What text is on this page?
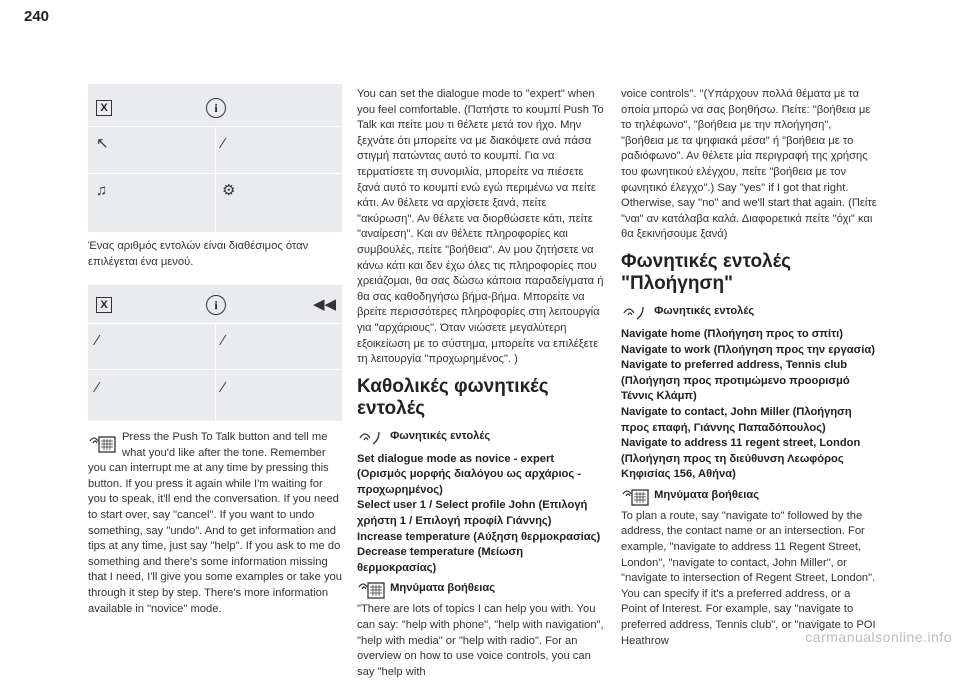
240
X	i
↖	⁄
♫	⚙
Ένας αριθμός εντολών είναι διαθέσιμος όταν επιλέγεται ένα μενού.
X	i	◀◀
⁄	⁄
⁄	⁄
Press the Push To Talk button and tell me what you'd like after the tone. Remember you can interrupt me at any time by pressing this button. If you press it again while I'm waiting for you to speak, it'll end the conversation. If you need to start over, say "cancel". If you want to undo something, say "undo". And to get information and tips at any time, just say "help". If you ask to me do something and there's some information missing that I need, I'll give you some examples or take you through it step by step. There's more information available in "novice" mode.

You can set the dialogue mode to "expert" when you feel comfortable. (Πατήστε το κουμπί Push To Talk και πείτε μου τι θέλετε μετά τον ήχο. Μην ξεχνάτε ότι μπορείτε να με διακόψετε ανά πάσα στιγμή πατώντας αυτό το κουμπί. Για να τερματίσετε τη συνομιλία, μπορείτε να πιέσετε ξανά αυτό το κουμπί ενώ εγώ περιμένω να πείτε κάτι. Αν θέλετε να αρχίσετε ξανά, πείτε "ακύρωση". Αν θέλετε να διορθώσετε κάτι, πείτε "αναίρεση". Και αν θέλετε πληροφορίες και συμβουλές, πείτε "βοήθεια". Αν μου ζητήσετε να κάνω κάτι και δεν έχω όλες τις πληροφορίες που χρειάζομαι, θα σας δώσω κάποια παραδείγματα ή θα σας καθοδηγήσω βήμα-βήμα. Μπορείτε να βρείτε περισσότερες πληροφορίες στη λειτουργία για "αρχάριους". Όταν νιώσετε μεγαλύτερη εξοικείωση με το σύστημα, μπορείτε να επιλέξετε τη λειτουργία "προχωρημένος". )

Καθολικές φωνητικές εντολές
Φωνητικές εντολές

Set dialogue mode as novice - expert (Ορισμός μορφής διαλόγου ως αρχάριος - προχωρημένος)
Select user 1 / Select profile John (Επιλογή χρήστη 1 / Επιλογή προφίλ Γιάννης)
Increase temperature (Αύξηση θερμοκρασίας)
Decrease temperature (Μείωση θερμοκρασίας)

Μηνύματα βοήθειας

"There are lots of topics I can help you with. You can say: "help with phone", "help with navigation", "help with media" or "help with radio". For an overview on how to use voice controls, you can say "help with

voice controls". "(Υπάρχουν πολλά θέματα με τα οποία μπορώ να σας βοηθήσω. Πείτε: "βοήθεια με το τηλέφωνο", "βοήθεια με την πλοήγηση", "βοήθεια με τα ψηφιακά μέσα" ή "βοήθεια με το ραδιόφωνο". Αν θέλετε μία περιγραφή της χρήσης του φωνητικού ελέγχου, πείτε "βοήθεια με τον φωνητικό έλεγχο".) Say "yes" if I got that right. Otherwise, say "no" and we'll start that again. (Πείτε "ναι" αν κατάλαβα καλά. Διαφορετικά πείτε "όχι" και θα ξεκινήσουμε ξανά)

Φωνητικές εντολές "Πλοήγηση"
Φωνητικές εντολές

Navigate home (Πλοήγηση προς το σπίτι)
Navigate to work (Πλοήγηση προς την εργασία)
Navigate to preferred address, Tennis club (Πλοήγηση προς προτιμώμενο προορισμό Τέννις Κλάμπ)
Navigate to contact, John Miller (Πλοήγηση προς επαφή, Γιάννης Παπαδόπουλος)
Navigate to address 11 regent street, London (Πλοήγηση προς τη διεύθυνση Λεωφόρος Κηφισίας 156, Αθήνα)

Μηνύματα βοήθειας

To plan a route, say "navigate to" followed by the address, the contact name or an intersection. For example, "navigate to address 11 Regent Street, London", "navigate to contact, John Miller", or "navigate to intersection of Regent Street, London". You can specify if it's a preferred address, or a Point of Interest. For example, say "navigate to preferred address, Tennis club", or "navigate to POI Heathrow	carmanualsonline.info
